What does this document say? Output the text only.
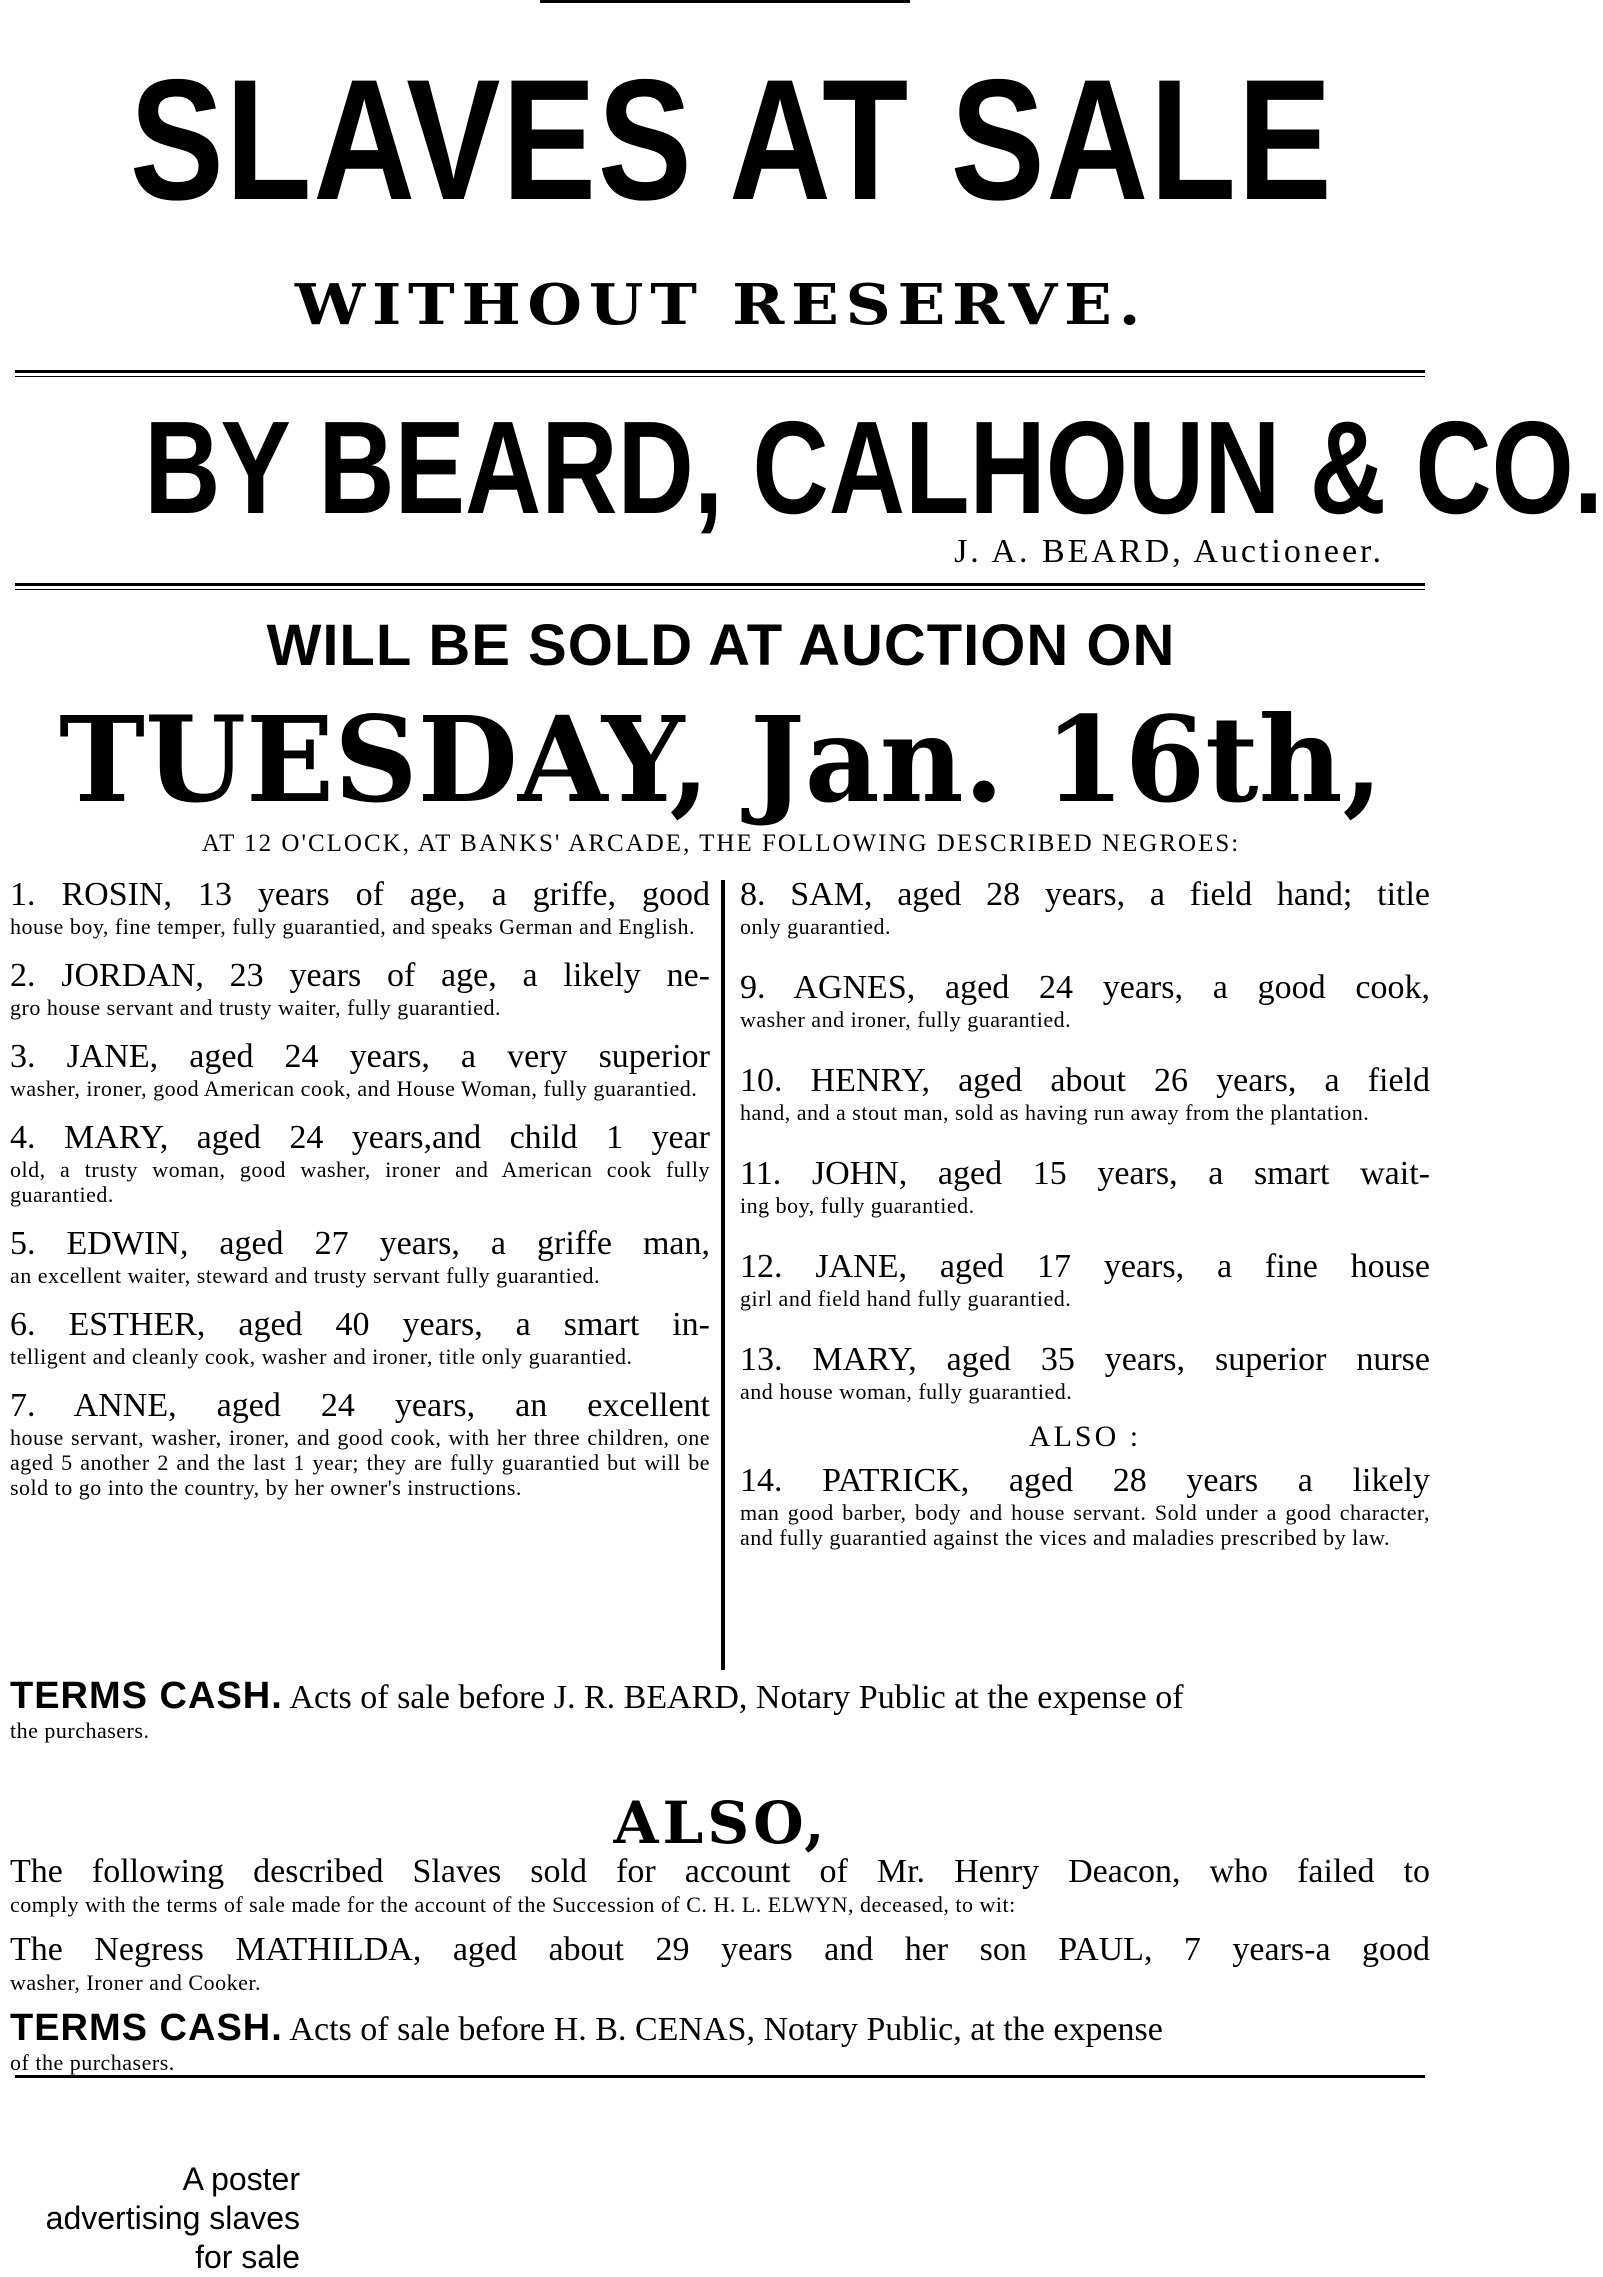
SLAVES AT SALE
WITHOUT RESERVE.
BY BEARD, CALHOUN & CO.
J. A. BEARD, Auctioneer.
WILL BE SOLD AT AUCTION ON
TUESDAY, Jan. 16th,
AT 12 O'CLOCK, AT BANKS' ARCADE, THE FOLLOWING DESCRIBED NEGROES:
1. ROSIN, 13 years of age, a griffe, good
house boy, fine temper, fully guarantied, and speaks German and English.
2. JORDAN, 23 years of age, a likely ne-
gro house servant and trusty waiter, fully guarantied.
3. JANE, aged 24 years, a very superior
washer, ironer, good American cook, and House Woman, fully guarantied.
4. MARY, aged 24 years,and child 1 year
old, a trusty woman, good washer, ironer and American cook fully guarantied.
5. EDWIN, aged 27 years, a griffe man,
an excellent waiter, steward and trusty servant fully guarantied.
6. ESTHER, aged 40 years, a smart in-
telligent and cleanly cook, washer and ironer, title only guarantied.
7. ANNE, aged 24 years, an excellent
house servant, washer, ironer, and good cook, with her three children, one aged 5 another 2 and the last 1 year; they are fully guarantied but will be sold to go into the country, by her owner's instructions.
8. SAM, aged 28 years, a field hand; title
only guarantied.
9. AGNES, aged 24 years, a good cook,
washer and ironer, fully guarantied.
10. HENRY, aged about 26 years, a field
hand, and a stout man, sold as having run away from the plantation.
11. JOHN, aged 15 years, a smart wait-
ing boy, fully guarantied.
12. JANE, aged 17 years, a fine house
girl and field hand fully guarantied.
13. MARY, aged 35 years, superior nurse
and house woman, fully guarantied.
ALSO :
14. PATRICK, aged 28 years a likely
man good barber, body and house servant. Sold under a good character, and fully guarantied against the vices and maladies prescribed by law.
TERMS CASH. Acts of sale before J. R. BEARD, Notary Public at the expense of
the purchasers.
ALSO,
The following described Slaves sold for account of Mr. Henry Deacon, who failed to
comply with the terms of sale made for the account of the Succession of C. H. L. ELWYN, deceased, to wit:
The Negress MATHILDA, aged about 29 years and her son PAUL, 7 years-a good
washer, Ironer and Cooker.
TERMS CASH. Acts of sale before H. B. CENAS, Notary Public, at the expense
of the purchasers.
A poster
advertising slaves
for sale
